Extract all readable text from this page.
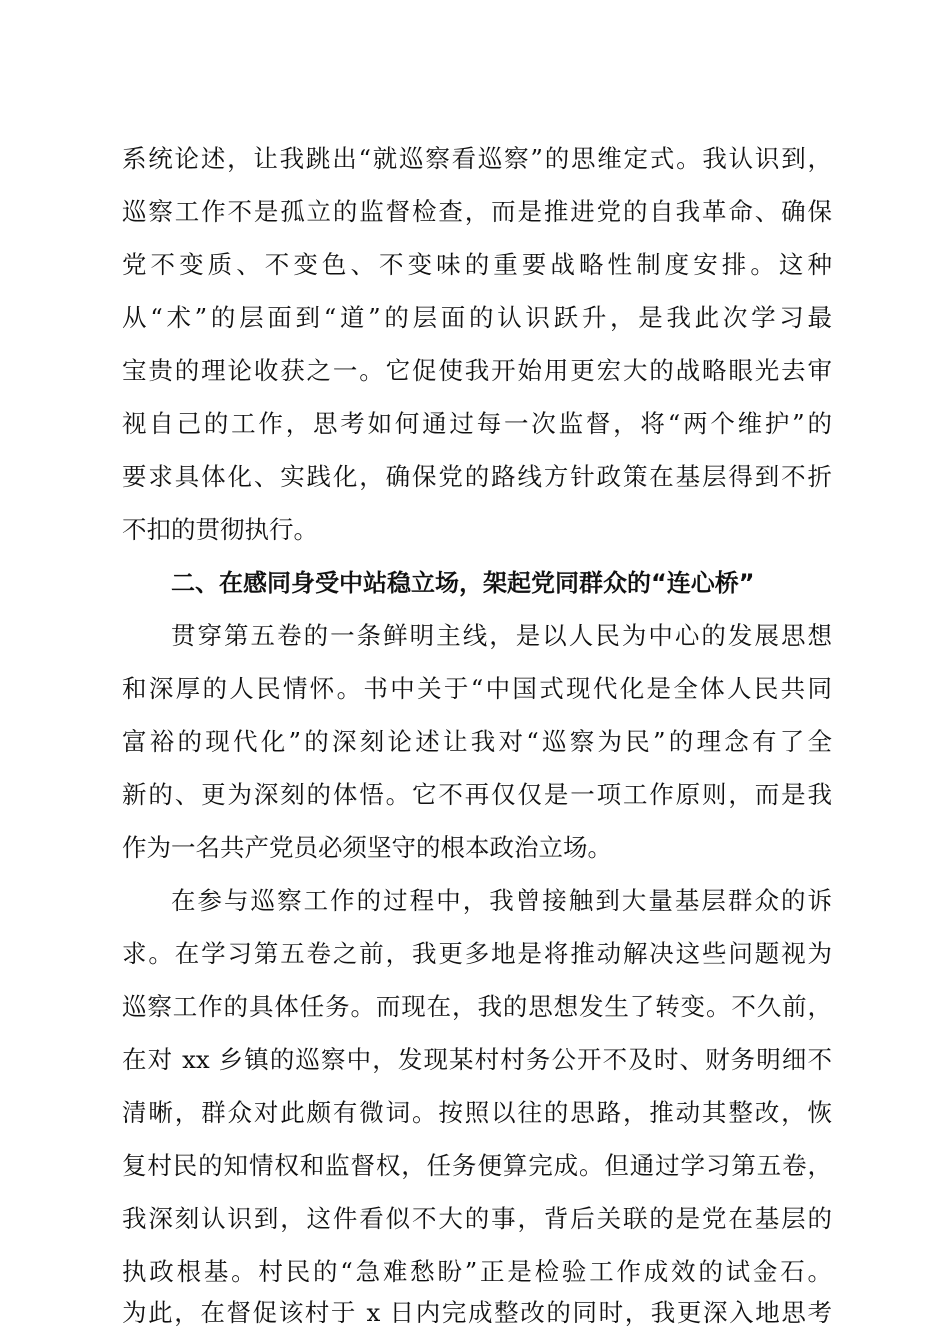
系统论述，让我跳出“就巡察看巡察”的思维定式。我认识到，
巡察工作不是孤立的监督检查，而是推进党的自我革命、确保
党不变质、不变色、不变味的重要战略性制度安排。这种
从“术”的层面到“道”的层面的认识跃升，是我此次学习最
宝贵的理论收获之一。它促使我开始用更宏大的战略眼光去审
视自己的工作，思考如何通过每一次监督，将“两个维护”的
要求具体化、实践化，确保党的路线方针政策在基层得到不折
不扣的贯彻执行。
二、在感同身受中站稳立场，架起党同群众的“连心桥”
贯穿第五卷的一条鲜明主线，是以人民为中心的发展思想
和深厚的人民情怀。书中关于“中国式现代化是全体人民共同
富裕的现代化”的深刻论述让我对“巡察为民”的理念有了全
新的、更为深刻的体悟。它不再仅仅是一项工作原则，而是我
作为一名共产党员必须坚守的根本政治立场。
在参与巡察工作的过程中，我曾接触到大量基层群众的诉
求。在学习第五卷之前，我更多地是将推动解决这些问题视为
巡察工作的具体任务。而现在，我的思想发生了转变。不久前，
在对 xx 乡镇的巡察中，发现某村村务公开不及时、财务明细不
清晰，群众对此颇有微词。按照以往的思路，推动其整改，恢
复村民的知情权和监督权，任务便算完成。但通过学习第五卷，
我深刻认识到，这件看似不大的事，背后关联的是党在基层的
执政根基。村民的“急难愁盼”正是检验工作成效的试金石。
为此，在督促该村于 x 日内完成整改的同时，我更深入地思考
